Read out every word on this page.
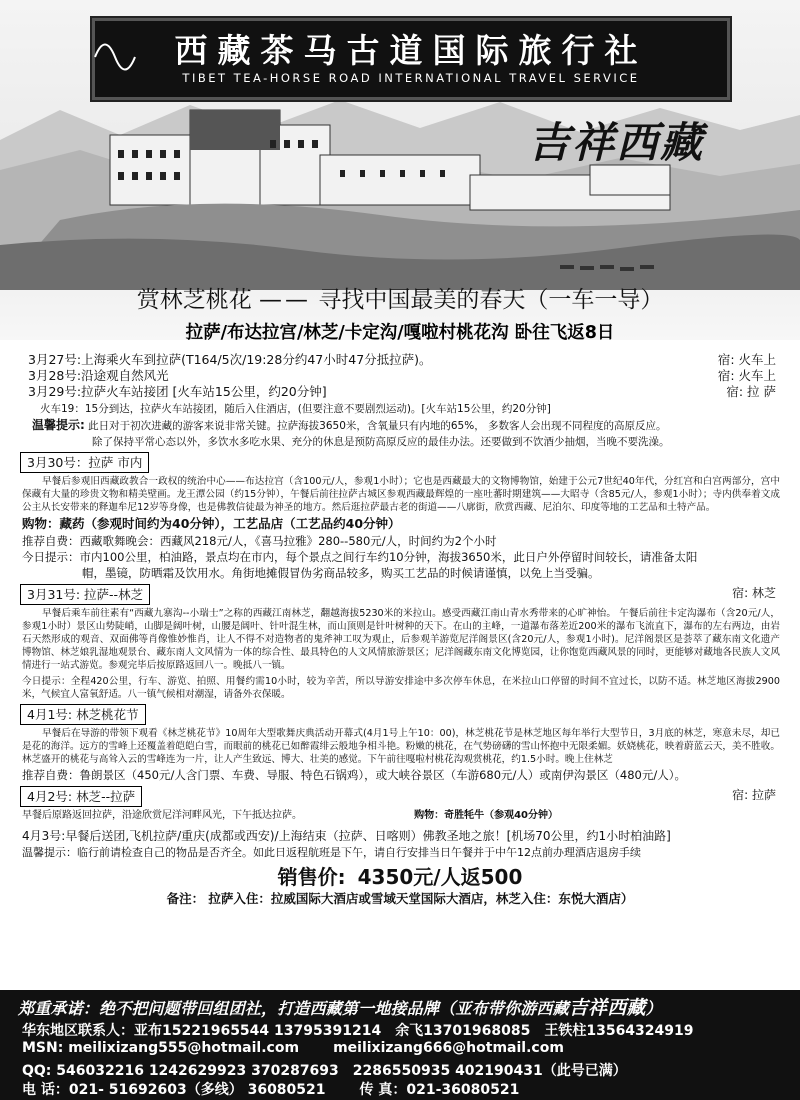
西藏茶马古道国际旅行社
TIBET TEA-HORSE ROAD INTERNATIONAL TRAVEL SERVICE
吉祥西藏
赏林芝桃花 —— 寻找中国最美的春天（一车一导）
拉萨/布达拉宫/林芝/卡定沟/嘎啦村桃花沟 卧往飞返8日
3月27号:上海乘火车到拉萨(T164/5次/19:28分约47小时47分抵拉萨)。	宿: 火车上
3月28号:沿途观自然风光	宿: 火车上
3月29号:拉萨火车站接团 [火车站15公里，约20分钟]	宿: 拉 萨
火车19：15分到达，拉萨火车站接团，随后入住酒店，(但要注意不要剧烈运动)。[火车站15公里，约20分钟]
温馨提示: 此日对于初次进藏的游客来说非常关键。拉萨海拔3650米，含氧量只有内地的65%， 多数客人会出现不同程度的高原反应。
除了保持平常心态以外，多饮水多吃水果、充分的休息是预防高原反应的最佳办法。还要做到不饮酒少抽烟，当晚不要洗澡。
3月30号：拉萨 市内
早餐后参观旧西藏政教合一政权的统治中心——布达拉宫（含100元/人，参观1小时）；它也是西藏最大的文物博物馆，始建于公元7世纪40年代，分红宫和白宫两部分，宫中保藏有大量的珍贵文物和精美壁画。龙王潭公园（约15分钟），午餐后前往拉萨古城区参观西藏最辉煌的一座吐蕃时期建筑——大昭寺（含85元/人，参观1小时）；寺内供奉着文成公主从长安带来的释迦牟尼12岁等身像，也是佛教信徒最为神圣的地方。然后逛拉萨最古老的街道——八廓街，欣赏西藏、尼泊尔、印度等地的工艺品和土特产品。
购物：藏药（参观时间约为40分钟），工艺品店（工艺品约40分钟）
推荐自费：西藏歌舞晚会：西藏风218元/人，《喜马拉雅》280--580元/人，时间约为2个小时
今日提示：市内100公里，柏油路，景点均在市内，每个景点之间行车约10分钟，海拔3650米，此日户外停留时间较长，请准备太阳
帽，墨镜，防晒霜及饮用水。角街地摊假冒伪劣商品较多，购买工艺品的时候请谨慎，以免上当受骗。
3月31号: 拉萨--林芝	宿: 林芝
早餐后乘车前往素有“西藏九寨沟--小瑞士”之称的西藏江南林芝，翻越海拔5230米的米拉山。感受西藏江南山青水秀带来的心旷神怡。 午餐后前往卡定沟瀑布（含20元/人，参观1小时）景区山势陡峭，山脚是阔叶树，山腰是阔叶、针叶混生林，而山顶则是针叶树种的天下。在山的主峰，一道瀑布落差近200米的瀑布飞流直下，瀑布的左右两边，由岩石天然形成的观音、双面佛等肖像惟妙惟肖，让人不得不对造物者的鬼斧神工叹为观止，后参观羊游览尼洋阁景区(含20元/人，参观1小时)。尼洋阁景区是荟萃了藏东南文化遗产博物馆、林芝娘乳湿地观景台、藏东南人文风情为一体的综合性、最具特色的人文风情旅游景区；尼洋阁藏东南文化博览园，让你饱览西藏风景的同时，更能够对藏地各民族人文风情进行一站式游览。参观完毕后按原路返回八一。晚抵八一镇。
今日提示：全程420公里，行车、游览、拍照、用餐约需10小时，较为辛苦，所以导游安排途中多次停车休息，在米拉山口停留的时间不宜过长，以防不适。林芝地区海拔2900米，气候宜人富氧舒适。八一镇气候相对潮湿，请备外衣保暖。
4月1号: 林芝桃花节
早餐后在导游的带领下观看《林芝桃花节》10周年大型歌舞庆典活动开幕式(4月1号上午10：00)，林芝桃花节是林芝地区每年举行大型节日，3月底的林芝，寒意未尽，却已是花的海洋。远方的雪峰上还覆盖着皑皑白雪，而眼前的桃花已如醉霞绯云般地争相斗艳。粉嫩的桃花，在气势磅礴的雪山怀抱中无限柔媚。妖娆桃花，映着蔚蓝云天，美不胜收。林芝盛开的桃花与高耸入云的雪峰连为一片，让人产生致远、博大、壮美的感觉。下午前往嘎啦村桃花沟观赏桃花，约1.5小时。晚上住林芝
推荐自费：鲁朗景区（450元/人含门票、车费、导服、特色石锅鸡），或大峡谷景区（车游680元/人）或南伊沟景区（480元/人）。
4月2号: 林芝--拉萨	宿: 拉萨
早餐后原路返回拉萨，沿途欣赏尼洋河畔风光，下午抵达拉萨。	购物：奇胜牦牛（参观40分钟）
4月3号:早餐后送团,飞机拉萨/重庆(成都或西安)/上海结束（拉萨、日喀则）佛教圣地之旅！[机场70公里，约1小时柏油路]
温馨提示：临行前请检查自己的物品是否齐全。如此日返程航班是下午，请自行安排当日午餐并于中午12点前办理酒店退房手续
销售价: 4350元/人返500
备注： 拉萨入住：拉威国际大酒店或雪域天堂国际大酒店，林芝入住：东悦大酒店）
郑重承诺：绝不把问题带回组团社，打造西藏第一地接品牌（亚布带你游西藏吉祥西藏）
华东地区联系人：亚布15221965544 13795391214 余飞13701968085 王铁柱13564324919
MSN: meilixizang555@hotmail.com meilixizang666@hotmail.com
QQ: 546032216 1242629923 370287693 2286550935 402190431（此号已满）
电 话：021- 51692603（多线） 36080521 传 真：021-36080521
